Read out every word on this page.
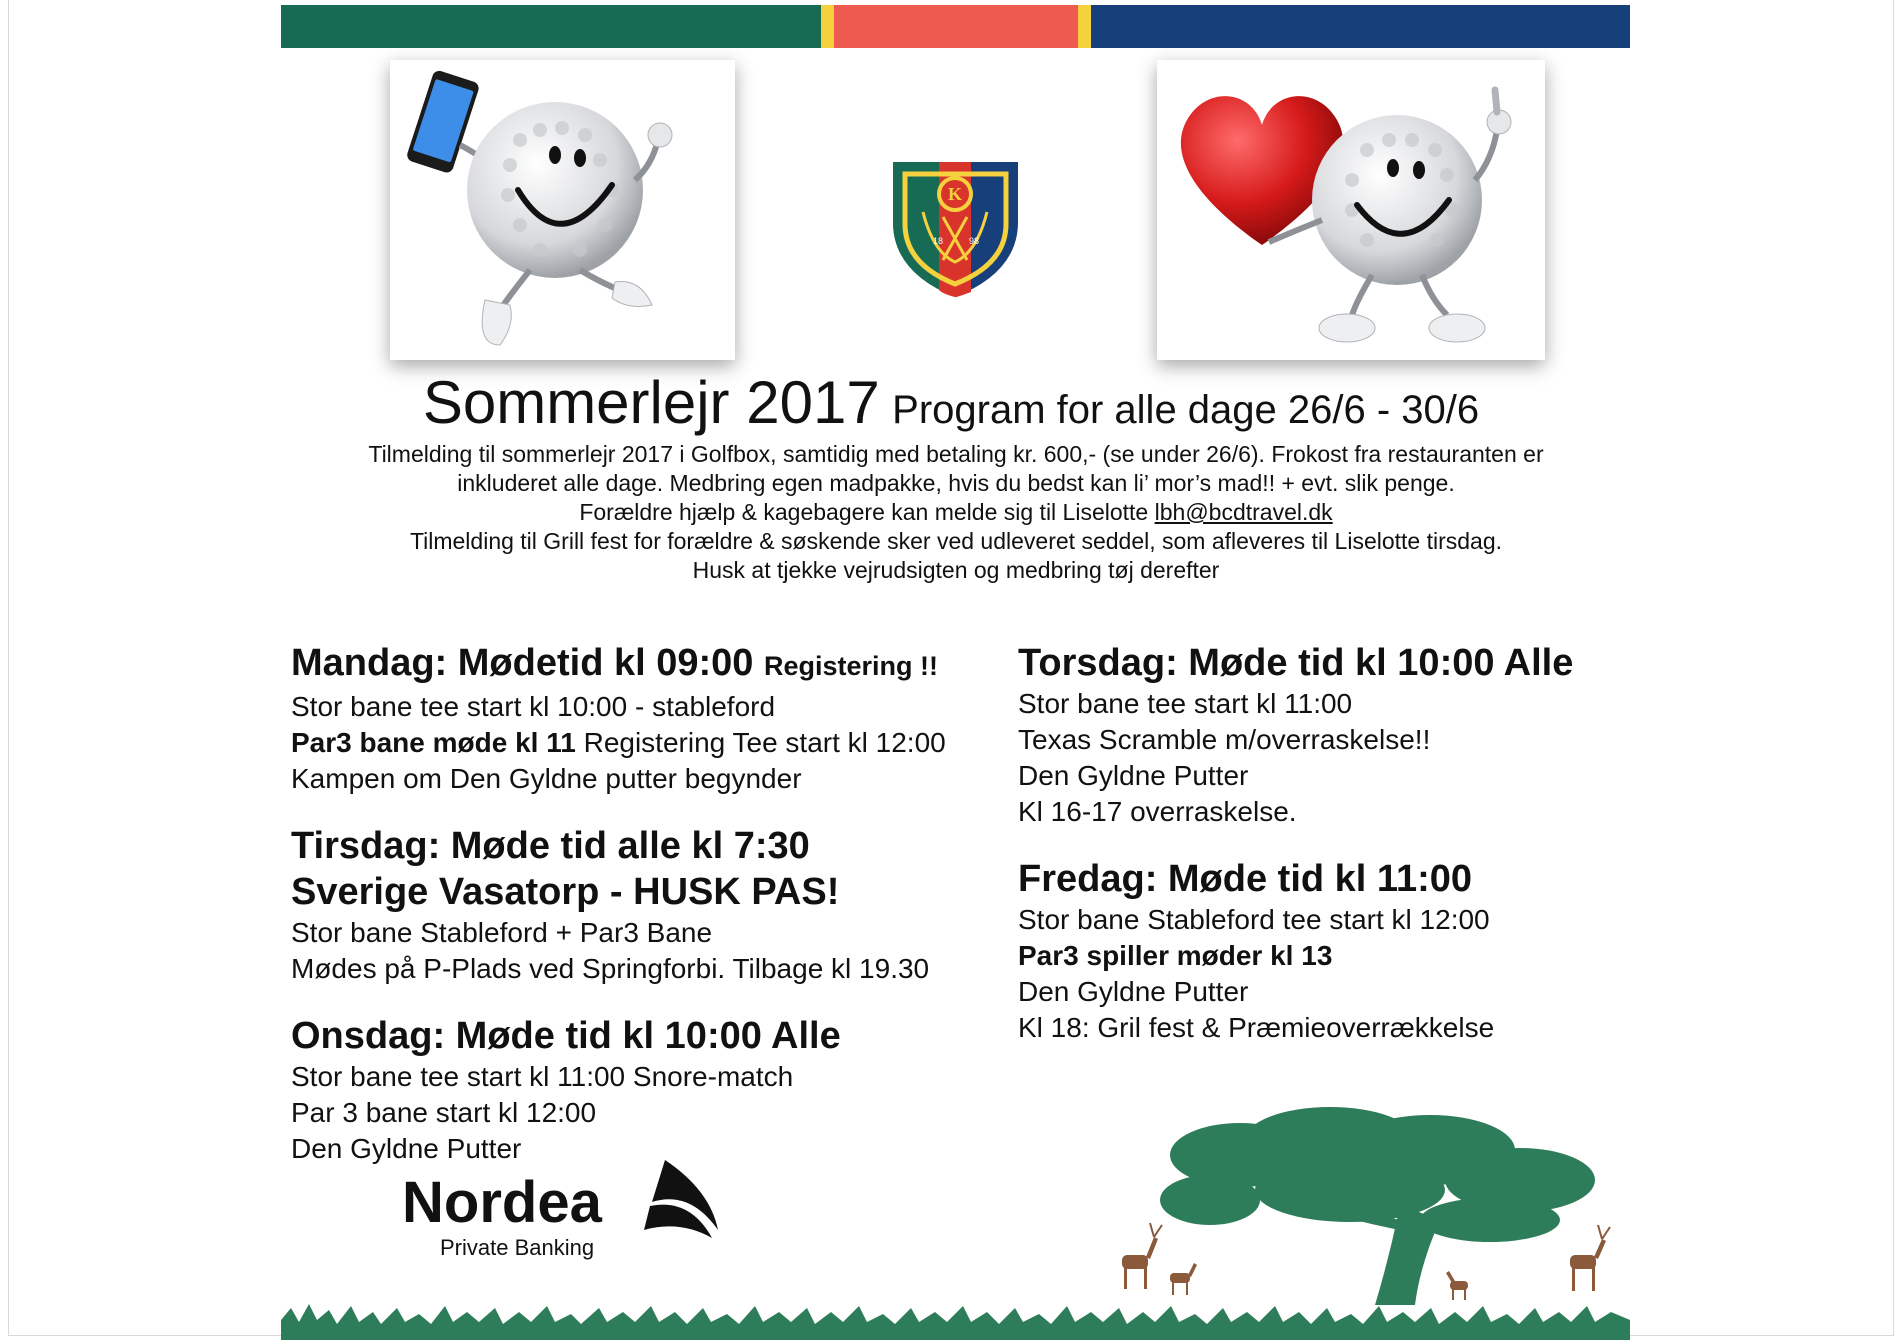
K
18	98
Sommerlejr 2017 Program for alle dage 26/6 - 30/6
Tilmelding til sommerlejr 2017 i Golfbox, samtidig med betaling kr. 600,- (se under 26/6). Frokost fra restauranten er
inkluderet alle dage. Medbring egen madpakke, hvis du bedst kan li’ mor’s mad!! + evt. slik penge.
Forældre hjælp & kagebagere kan melde sig til Liselotte lbh@bcdtravel.dk
Tilmelding til Grill fest for forældre & søskende sker ved udleveret seddel, som afleveres til Liselotte tirsdag.
Husk at tjekke vejrudsigten og medbring tøj derefter
Mandag: Mødetid kl 09:00 Registering !!
Stor bane tee start kl 10:00 - stableford
Par3 bane møde kl 11 Registering Tee start kl 12:00
Kampen om Den Gyldne putter begynder
Tirsdag: Møde tid alle kl 7:30
Sverige Vasatorp - HUSK PAS!
Stor bane Stableford + Par3 Bane
Mødes på P-Plads ved Springforbi. Tilbage kl 19.30
Onsdag: Møde tid kl 10:00 Alle
Stor bane tee start kl 11:00 Snore-match
Par 3 bane start kl 12:00
Den Gyldne Putter
Torsdag: Møde tid kl 10:00 Alle
Stor bane tee start kl 11:00
Texas Scramble m/overraskelse!!
Den Gyldne Putter
Kl 16-17 overraskelse.
Fredag: Møde tid kl 11:00
Stor bane Stableford tee start kl 12:00
Par3 spiller møder kl 13
Den Gyldne Putter
Kl 18: Gril fest & Præmieoverrækkelse
Nordea
Private Banking
